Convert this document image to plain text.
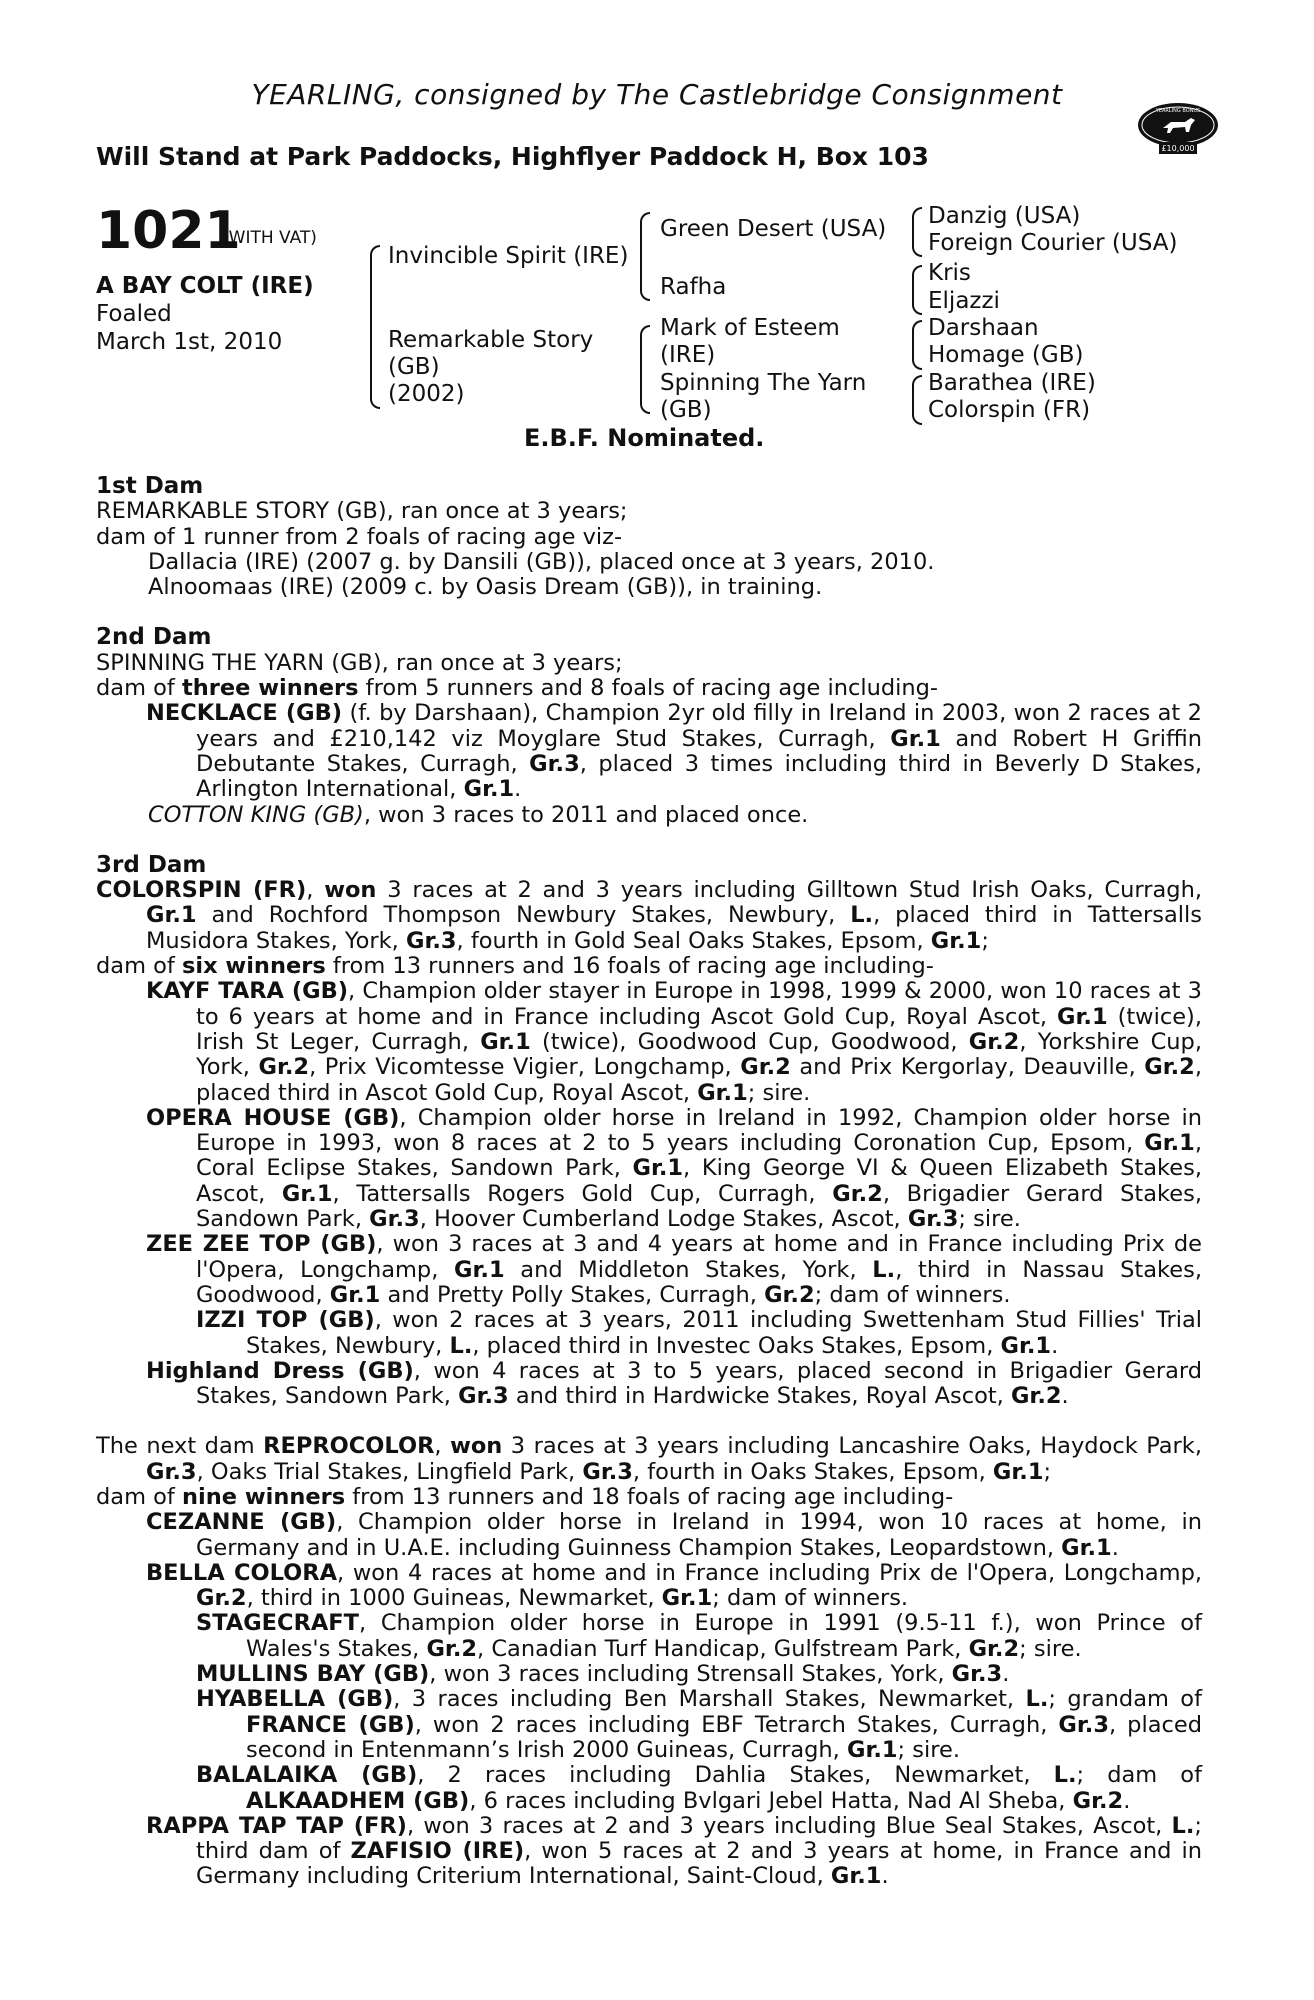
YEARLING, consigned by The Castlebridge Consignment
Will Stand at Park Paddocks, Highflyer Paddock H, Box 103
YEARLING BONUS
£10,000
1021
(WITH VAT)
A BAY COLT (IRE)
Foaled
March 1st, 2010
Invincible Spirit (IRE)
Remarkable Story
(GB)
(2002)
Green Desert (USA)
Rafha
Mark of Esteem
(IRE)
Spinning The Yarn
(GB)
Danzig (USA)
Foreign Courier (USA)
Kris
Eljazzi
Darshaan
Homage (GB)
Barathea (IRE)
Colorspin (FR)
E.B.F. Nominated.
1st Dam
REMARKABLE STORY (GB), ran once at 3 years;
dam of 1 runner from 2 foals of racing age viz-
Dallacia (IRE) (2007 g. by Dansili (GB)), placed once at 3 years, 2010.
Alnoomaas (IRE) (2009 c. by Oasis Dream (GB)), in training.
2nd Dam
SPINNING THE YARN (GB), ran once at 3 years;
dam of three winners from 5 runners and 8 foals of racing age including-
NECKLACE (GB) (f. by Darshaan), Champion 2yr old filly in Ireland in 2003, won 2 races at 2 years and £210,142 viz Moyglare Stud Stakes, Curragh, Gr.1 and Robert H Griffin Debutante Stakes, Curragh, Gr.3, placed 3 times including third in Beverly D Stakes, Arlington International, Gr.1.
COTTON KING (GB), won 3 races to 2011 and placed once.
3rd Dam
COLORSPIN (FR), won 3 races at 2 and 3 years including Gilltown Stud Irish Oaks, Curragh, Gr.1 and Rochford Thompson Newbury Stakes, Newbury, L., placed third in Tattersalls Musidora Stakes, York, Gr.3, fourth in Gold Seal Oaks Stakes, Epsom, Gr.1;
dam of six winners from 13 runners and 16 foals of racing age including-
KAYF TARA (GB), Champion older stayer in Europe in 1998, 1999 & 2000, won 10 races at 3 to 6 years at home and in France including Ascot Gold Cup, Royal Ascot, Gr.1 (twice), Irish St Leger, Curragh, Gr.1 (twice), Goodwood Cup, Goodwood, Gr.2, Yorkshire Cup, York, Gr.2, Prix Vicomtesse Vigier, Longchamp, Gr.2 and Prix Kergorlay, Deauville, Gr.2, placed third in Ascot Gold Cup, Royal Ascot, Gr.1; sire.
OPERA HOUSE (GB), Champion older horse in Ireland in 1992, Champion older horse in Europe in 1993, won 8 races at 2 to 5 years including Coronation Cup, Epsom, Gr.1, Coral Eclipse Stakes, Sandown Park, Gr.1, King George VI & Queen Elizabeth Stakes, Ascot, Gr.1, Tattersalls Rogers Gold Cup, Curragh, Gr.2, Brigadier Gerard Stakes, Sandown Park, Gr.3, Hoover Cumberland Lodge Stakes, Ascot, Gr.3; sire.
ZEE ZEE TOP (GB), won 3 races at 3 and 4 years at home and in France including Prix de l'Opera, Longchamp, Gr.1 and Middleton Stakes, York, L., third in Nassau Stakes, Goodwood, Gr.1 and Pretty Polly Stakes, Curragh, Gr.2; dam of winners.
IZZI TOP (GB), won 2 races at 3 years, 2011 including Swettenham Stud Fillies' Trial Stakes, Newbury, L., placed third in Investec Oaks Stakes, Epsom, Gr.1.
Highland Dress (GB), won 4 races at 3 to 5 years, placed second in Brigadier Gerard Stakes, Sandown Park, Gr.3 and third in Hardwicke Stakes, Royal Ascot, Gr.2.
The next dam REPROCOLOR, won 3 races at 3 years including Lancashire Oaks, Haydock Park, Gr.3, Oaks Trial Stakes, Lingfield Park, Gr.3, fourth in Oaks Stakes, Epsom, Gr.1;
dam of nine winners from 13 runners and 18 foals of racing age including-
CEZANNE (GB), Champion older horse in Ireland in 1994, won 10 races at home, in Germany and in U.A.E. including Guinness Champion Stakes, Leopardstown, Gr.1.
BELLA COLORA, won 4 races at home and in France including Prix de l'Opera, Longchamp, Gr.2, third in 1000 Guineas, Newmarket, Gr.1; dam of winners.
STAGECRAFT, Champion older horse in Europe in 1991 (9.5-11 f.), won Prince of Wales's Stakes, Gr.2, Canadian Turf Handicap, Gulfstream Park, Gr.2; sire.
MULLINS BAY (GB), won 3 races including Strensall Stakes, York, Gr.3.
HYABELLA (GB), 3 races including Ben Marshall Stakes, Newmarket, L.; grandam of FRANCE (GB), won 2 races including EBF Tetrarch Stakes, Curragh, Gr.3, placed second in Entenmann’s Irish 2000 Guineas, Curragh, Gr.1; sire.
BALALAIKA (GB), 2 races including Dahlia Stakes, Newmarket, L.; dam of ALKAADHEM (GB), 6 races including Bvlgari Jebel Hatta, Nad Al Sheba, Gr.2.
RAPPA TAP TAP (FR), won 3 races at 2 and 3 years including Blue Seal Stakes, Ascot, L.; third dam of ZAFISIO (IRE), won 5 races at 2 and 3 years at home, in France and in Germany including Criterium International, Saint-Cloud, Gr.1.
